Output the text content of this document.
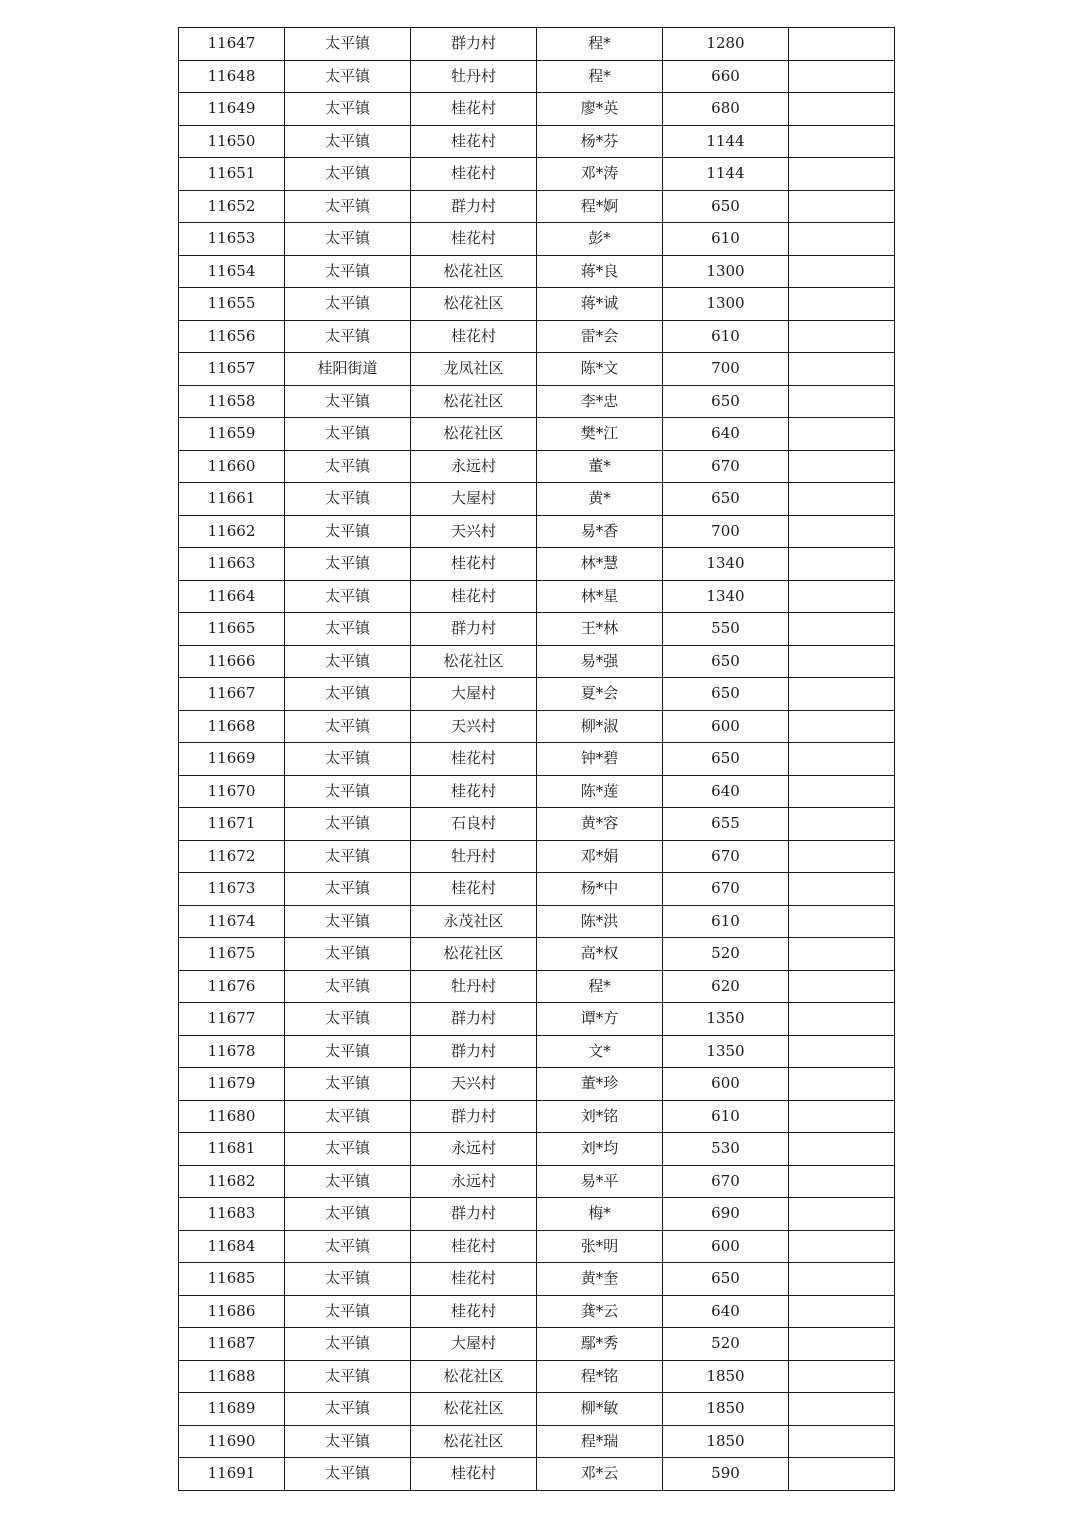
11647	太平镇	群力村	程*	1280	
11648	太平镇	牡丹村	程*	660	
11649	太平镇	桂花村	廖*英	680	
11650	太平镇	桂花村	杨*芬	1144	
11651	太平镇	桂花村	邓*涛	1144	
11652	太平镇	群力村	程*婀	650	
11653	太平镇	桂花村	彭*	610	
11654	太平镇	松花社区	蒋*良	1300	
11655	太平镇	松花社区	蒋*诚	1300	
11656	太平镇	桂花村	雷*会	610	
11657	桂阳街道	龙凤社区	陈*文	700	
11658	太平镇	松花社区	李*忠	650	
11659	太平镇	松花社区	樊*江	640	
11660	太平镇	永远村	董*	670	
11661	太平镇	大屋村	黄*	650	
11662	太平镇	天兴村	易*香	700	
11663	太平镇	桂花村	林*慧	1340	
11664	太平镇	桂花村	林*星	1340	
11665	太平镇	群力村	王*林	550	
11666	太平镇	松花社区	易*强	650	
11667	太平镇	大屋村	夏*会	650	
11668	太平镇	天兴村	柳*淑	600	
11669	太平镇	桂花村	钟*碧	650	
11670	太平镇	桂花村	陈*莲	640	
11671	太平镇	石良村	黄*容	655	
11672	太平镇	牡丹村	邓*娟	670	
11673	太平镇	桂花村	杨*中	670	
11674	太平镇	永茂社区	陈*洪	610	
11675	太平镇	松花社区	高*权	520	
11676	太平镇	牡丹村	程*	620	
11677	太平镇	群力村	谭*方	1350	
11678	太平镇	群力村	文*	1350	
11679	太平镇	天兴村	董*珍	600	
11680	太平镇	群力村	刘*铭	610	
11681	太平镇	永远村	刘*均	530	
11682	太平镇	永远村	易*平	670	
11683	太平镇	群力村	梅*	690	
11684	太平镇	桂花村	张*明	600	
11685	太平镇	桂花村	黄*奎	650	
11686	太平镇	桂花村	龚*云	640	
11687	太平镇	大屋村	鄢*秀	520	
11688	太平镇	松花社区	程*铭	1850	
11689	太平镇	松花社区	柳*敏	1850	
11690	太平镇	松花社区	程*瑞	1850	
11691	太平镇	桂花村	邓*云	590	
